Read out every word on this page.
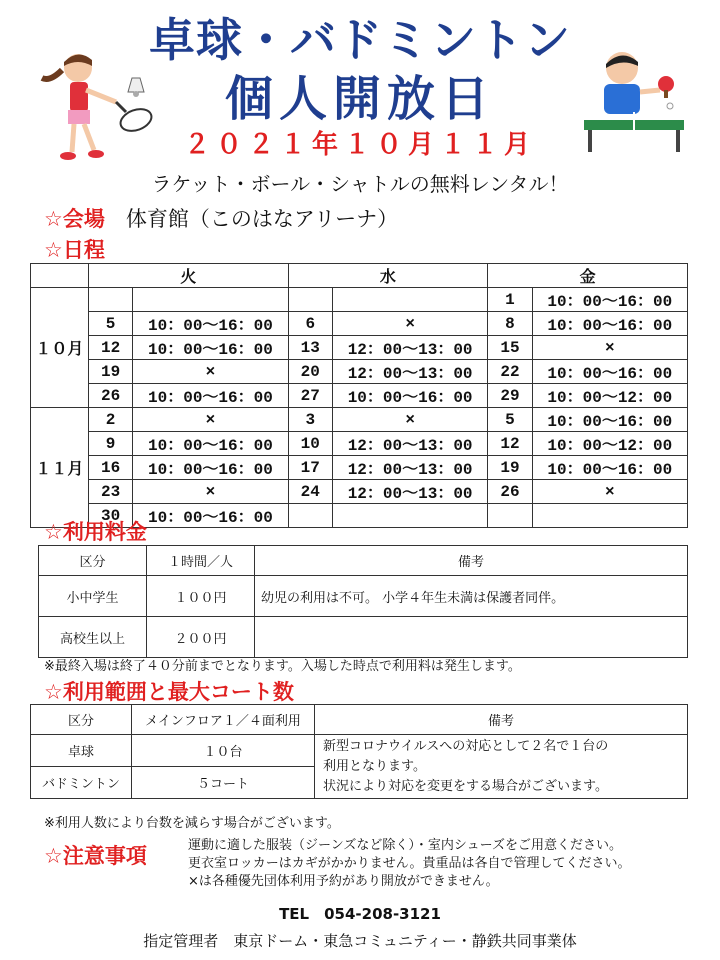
卓球・バドミントン
個人開放日
２０２１年１０月１１月
ラケット・ボール・シャトルの無料レンタル！
☆会場 体育館（このはなアリーナ）
☆日程
	火		水		金	
１０月					1	10：00〜16：00
	5	10：00〜16：00	6	×	8	10：00〜16：00
	12	10：00〜16：00	13	12：00〜13：00	15	×
	19	×	20	12：00〜13：00	22	10：00〜16：00
	26	10：00〜16：00	27	10：00〜16：00	29	10：00〜12：00
１１月	2	×	3	×	5	10：00〜16：00
	9	10：00〜16：00	10	12：00〜13：00	12	10：00〜12：00
	16	10：00〜16：00	17	12：00〜13：00	19	10：00〜16：00
	23	×	24	12：00〜13：00	26	×
	30	10：00〜16：00				
☆利用料金
区分	１時間／人	備考
小中学生	１００円	幼児の利用は不可。 小学４年生未満は保護者同伴。
高校生以上	２００円	
※最終入場は終了４０分前までとなります。入場した時点で利用料は発生します。
☆利用範囲と最大コート数
区分	メインフロア１／４面利用	備考
卓球	１０台	新型コロナウイルスへの対応として２名で１台の
利用となります。
状況により対応を変更をする場合がございます。

バドミントン	５コート	
※利用人数により台数を減らす場合がございます。
☆注意事項	運動に適した服装（ジーンズなど除く）・室内シューズをご用意ください。
更衣室ロッカーはカギがかかりません。貴重品は各自で管理してください。
×は各種優先団体利用予約があり開放ができません。
TEL　054-208-3121
指定管理者　東京ドーム・東急コミュニティー・静鉄共同事業体
